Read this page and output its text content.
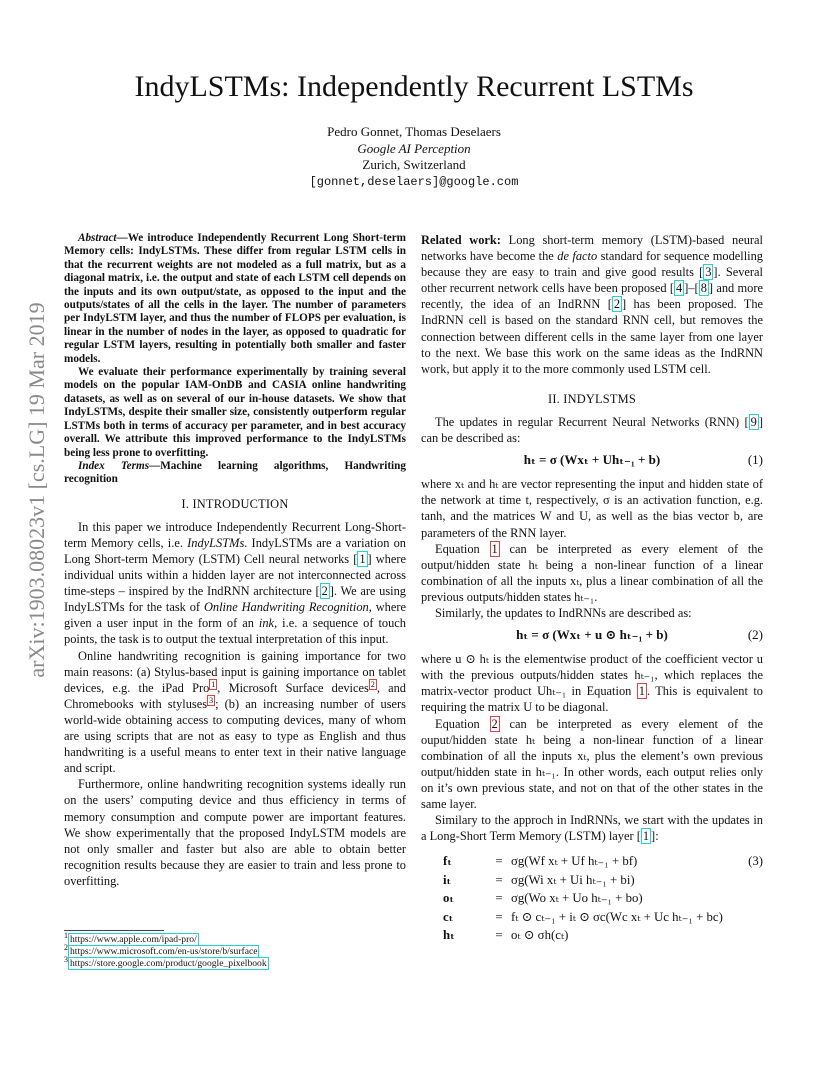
IndyLSTMs: Independently Recurrent LSTMs
Pedro Gonnet, Thomas Deselaers
Google AI Perception
Zurich, Switzerland
[gonnet,deselaers]@google.com
arXiv:1903.08023v1 [cs.LG] 19 Mar 2019

Abstract—We introduce Independently Recurrent Long Short-term Memory cells: IndyLSTMs. These differ from regular LSTM cells in that the recurrent weights are not modeled as a full matrix, but as a diagonal matrix, i.e. the output and state of each LSTM cell depends on the inputs and its own output/state, as opposed to the input and the outputs/states of all the cells in the layer. The number of parameters per IndyLSTM layer, and thus the number of FLOPS per evaluation, is linear in the number of nodes in the layer, as opposed to quadratic for regular LSTM layers, resulting in potentially both smaller and faster models.

We evaluate their performance experimentally by training several models on the popular IAM-OnDB and CASIA online handwriting datasets, as well as on several of our in-house datasets. We show that IndyLSTMs, despite their smaller size, consistently outperform regular LSTMs both in terms of accuracy per parameter, and in best accuracy overall. We attribute this improved performance to the IndyLSTMs being less prone to overfitting.

Index Terms—Machine learning algorithms, Handwriting recognition

I. INTRODUCTION

In this paper we introduce Independently Recurrent Long-Short-term Memory cells, i.e. IndyLSTMs. IndyLSTMs are a variation on Long Short-term Memory (LSTM) Cell neural networks [ 1 ] where individual units within a hidden layer are not interconnected across time-steps – inspired by the IndRNN architecture [ 2 ]. We are using IndyLSTMs for the task of Online Handwriting Recognition, where given a user input in the form of an ink, i.e. a sequence of touch points, the task is to output the textual interpretation of this input.

Online handwriting recognition is gaining importance for two main reasons: (a) Stylus-based input is gaining importance on tablet devices, e.g. the iPad Pro $^1$ , Microsoft Surface devices $^2$ , and Chromebooks with styluses $^3$ ; (b) an increasing number of users world-wide obtaining access to computing devices, many of whom are using scripts that are not as easy to type as English and thus handwriting is a useful means to enter text in their native language and script.

Furthermore, online handwriting recognition systems ideally run on the users’ computing device and thus efficiency in terms of memory consumption and compute power are important features. We show experimentally that the proposed IndyLSTM models are not only smaller and faster but also are able to obtain better recognition results because they are easier to train and less prone to overfitting.

$^1$ https://www.apple.com/ipad-pro/
$^2$ https://www.microsoft.com/en-us/store/b/surface
$^3$ https://store.google.com/product/google_pixelbook

Related work: Long short-term memory (LSTM)-based neural networks have become the de facto standard for sequence modelling because they are easy to train and give good results [ 3 ]. Several other recurrent network cells have been proposed [ 4 ]–[ 8 ] and more recently, the idea of an IndRNN [ 2 ] has been proposed. The IndRNN cell is based on the standard RNN cell, but removes the connection between different cells in the same layer from one layer to the next. We base this work on the same ideas as the IndRNN work, but apply it to the more commonly used LSTM cell.

II. INDYLSTMS

The updates in regular Recurrent Neural Networks (RNN) [ 9 ] can be described as:

hₜ = σ (Wxₜ + Uhₜ₋₁ + b)	(1)

where xₜ and hₜ are vector representing the input and hidden state of the network at time t, respectively, σ is an activation function, e.g. tanh, and the matrices W and U, as well as the bias vector b, are parameters of the RNN layer.

Equation 1 can be interpreted as every element of the output/hidden state hₜ being a non-linear function of a linear combination of all the inputs xₜ, plus a linear combination of all the previous outputs/hidden states hₜ₋₁.

Similarly, the updates to IndRNNs are described as:

hₜ = σ (Wxₜ + u ⊙ hₜ₋₁ + b)	(2)

where u ⊙ hₜ is the elementwise product of the coefficient vector u with the previous outputs/hidden states hₜ₋₁, which replaces the matrix-vector product Uhₜ₋₁ in Equation 1 . This is equivalent to requiring the matrix U to be diagonal.

Equation 2 can be interpreted as every element of the ouput/hidden state hₜ being a non-linear function of a linear combination of all the inputs xₜ, plus the element’s own previous output/hidden state in hₜ₋₁. In other words, each output relies only on it’s own previous state, and not on that of the other states in the same layer.

Similary to the approch in IndRNNs, we start with the updates in a Long-Short Term Memory (LSTM) layer [ 1 ]:

fₜ	= σg(Wf xₜ + Uf hₜ₋₁ + bf)	(3)
iₜ	= σg(Wi xₜ + Ui hₜ₋₁ + bi)
oₜ	= σg(Wo xₜ + Uo hₜ₋₁ + bo)
cₜ	= fₜ ⊙ cₜ₋₁ + iₜ ⊙ σc(Wc xₜ + Uc hₜ₋₁ + bc)
hₜ	= oₜ ⊙ σh(cₜ)
